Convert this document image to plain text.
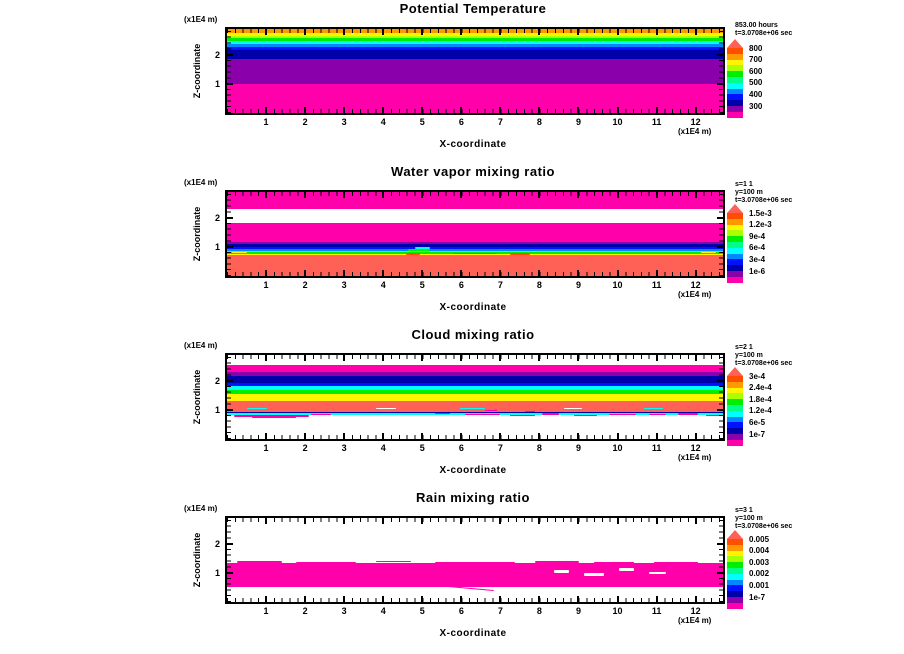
Potential Temperature
(x1E4 m)
Z-coordinate
1	2	3	4	5	6	7	8	9	10	11	12
2
1
(x1E4 m)
X-coordinate
800
700
600
500
400
300
853.00 hours
t=3.0708e+06 sec
Water vapor mixing ratio
(x1E4 m)
Z-coordinate
1	2	3	4	5	6	7	8	9	10	11	12
2
1
(x1E4 m)
X-coordinate
1.5e-3
1.2e-3
9e-4
6e-4
3e-4
1e-6
s=1 1
y=100 m
t=3.0708e+06 sec
Cloud mixing ratio
(x1E4 m)
Z-coordinate
1	2	3	4	5	6	7	8	9	10	11	12
2
1
(x1E4 m)
X-coordinate
3e-4
2.4e-4
1.8e-4
1.2e-4
6e-5
1e-7
s=2 1
y=100 m
t=3.0708e+06 sec
Rain mixing ratio
(x1E4 m)
Z-coordinate
1	2	3	4	5	6	7	8	9	10	11	12
2
1
(x1E4 m)
X-coordinate
0.005
0.004
0.003
0.002
0.001
1e-7
s=3 1
y=100 m
t=3.0708e+06 sec
